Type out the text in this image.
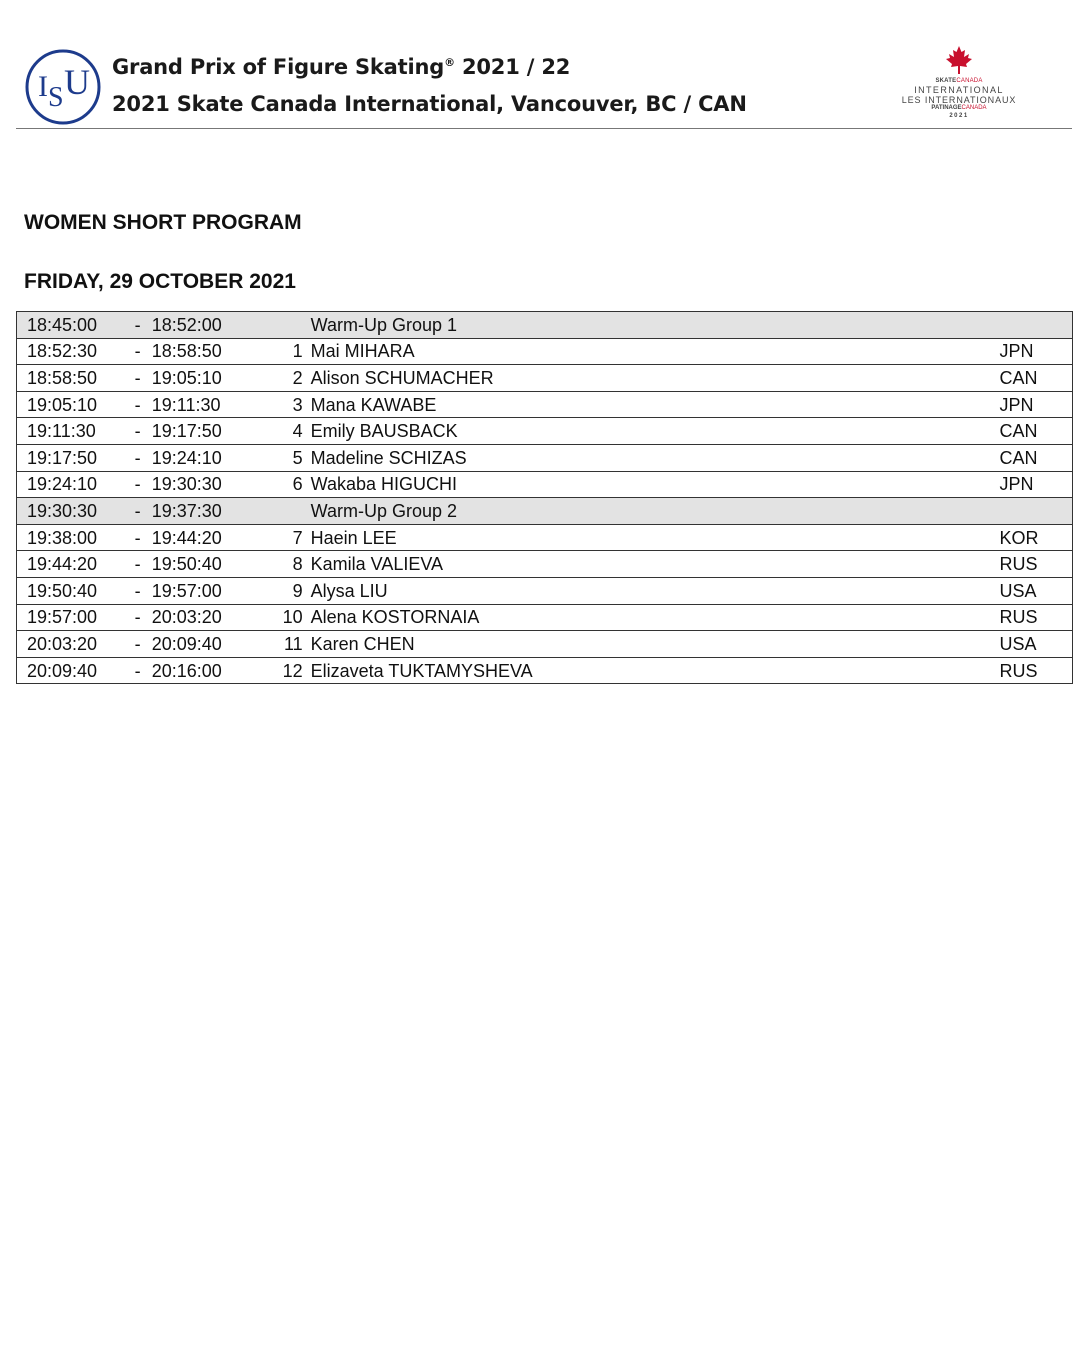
I S U Grand Prix of Figure Skating® 2021 / 22
2021 Skate Canada International, Vancouver, BC / CAN
SKATECANADA
INTERNATIONAL
LES INTERNATIONAUX
PATINAGECANADA
2021
WOMEN SHORT PROGRAM
FRIDAY, 29 OCTOBER 2021
18:45:00	-	18:52:00		Warm-Up Group 1	
18:52:30	-	18:58:50	1	Mai MIHARA	JPN
18:58:50	-	19:05:10	2	Alison SCHUMACHER	CAN
19:05:10	-	19:11:30	3	Mana KAWABE	JPN
19:11:30	-	19:17:50	4	Emily BAUSBACK	CAN
19:17:50	-	19:24:10	5	Madeline SCHIZAS	CAN
19:24:10	-	19:30:30	6	Wakaba HIGUCHI	JPN
19:30:30	-	19:37:30		Warm-Up Group 2	
19:38:00	-	19:44:20	7	Haein LEE	KOR
19:44:20	-	19:50:40	8	Kamila VALIEVA	RUS
19:50:40	-	19:57:00	9	Alysa LIU	USA
19:57:00	-	20:03:20	10	Alena KOSTORNAIA	RUS
20:03:20	-	20:09:40	11	Karen CHEN	USA
20:09:40	-	20:16:00	12	Elizaveta TUKTAMYSHEVA	RUS
